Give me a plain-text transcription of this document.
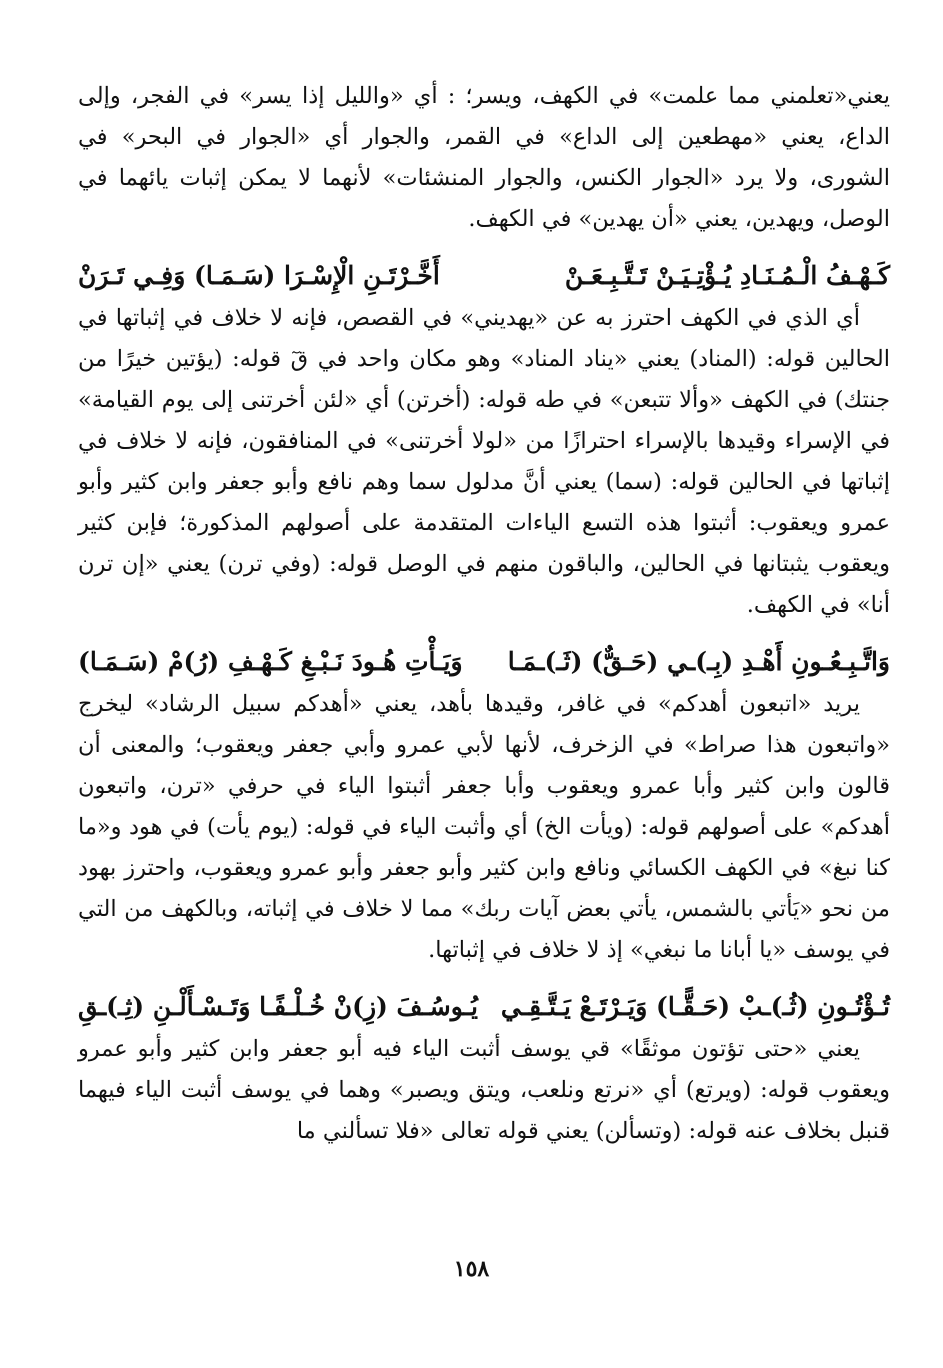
يعني«تعلمني مما علمت» في الكهف، ويسر؛ : أي «والليل إذا يسر» في الفجر، وإلى الداع، يعني «مهطعين إلى الداع» في القمر، والجوار أي «الجوار في البحر» في الشورى، ولا يرد «الجوار الكنس، والجوار المنشئات» لأنهما لا يمكن إثبات يائهما في الوصل، ويهدين، يعني «أن يهدين» في الكهف.

كَـهْـفُ الْـمُـنَـادِ يُـؤْتِـيَـنْ تَـتَّـبِـعَـنْ
أَخَّـرْتَـنِ الْإِسْـرَا (سَـمَـا) وَفِـي تَـرَنْ

أي الذي في الكهف احترز به عن «يهديني» في القصص، فإنه لا خلاف في إثباتها في الحالين قوله: (المناد) يعني «يناد المناد» وهو مكان واحد في قٓ قوله: (يؤتين خيرًا من جنتك) في الكهف «وألا تتبعن» في طه قوله: (أخرتن) أي «لئن أخرتنى إلى يوم القيامة» في الإسراء وقيدها بالإسراء احترازًا من «لولا أخرتنى» في المنافقون، فإنه لا خلاف في إثباتها في الحالين قوله: (سما) يعني أنَّ مدلول سما وهم نافع وأبو جعفر وابن كثير وأبو عمرو ويعقوب: أثبتوا هذه التسع الياءات المتقدمة على أصولهم المذكورة؛ فإبن كثير ويعقوب يثبتانها في الحالين، والباقون منهم في الوصل قوله: (وفي ترن) يعني «إن ترن أنا» في الكهف.

وَاتَّـبِـعُـونِ أَهْـدِ (بِـ)ـي (حَـقٌّ) (ثَـ)ـمَـا
وَيَـأْتِ هُـودَ نَـبْـغِ كَـهْـفِ (رُ)مْ (سَـمَـا)

يريد «اتبعون أهدكم» في غافر، وقيدها بأهد، يعني «أهدكم سبيل الرشاد» ليخرج «واتبعون هذا صراط» في الزخرف، لأنها لأبي عمرو وأبي جعفر ويعقوب؛ والمعنى أن قالون وابن كثير وأبا عمرو ويعقوب وأبا جعفر أثبتوا الياء في حرفي «ترن، واتبعون أهدكم» على أصولهم قوله: (ويأت الخ) أي وأثبت الياء في قوله: (يوم يأت) في هود و«ما كنا نبغ» في الكهف الكسائي ونافع وابن كثير وأبو جعفر وأبو عمرو ويعقوب، واحترز بهود من نحو «يَأتي بالشمس، يأتي بعض آيات ربك» مما لا خلاف في إثباته، وبالكهف من التي في يوسف «يا أبانا ما نبغي» إذ لا خلاف في إثباتها.

تُـؤْتُـونِ (ثُـ)ـبْ (حَـقًّـا) وَيَـرْتَـعْ يَـتَّـقِـي
يُـوسُـفَ (زِ)نْ خُـلْـفًـا وَتَـسْـأَلْـنِ (ثِـ)ـقِ

يعني «حتى تؤتون موثقًا» قي يوسف أثبت الياء فيه أبو جعفر وابن كثير وأبو عمرو ويعقوب قوله: (ويرتع) أي «نرتع ونلعب، ويتق ويصبر» وهما في يوسف أثبت الياء فيهما قنبل بخلاف عنه قوله: (وتسألن) يعني قوله تعالى «فلا تسألني ما

١٥٨
